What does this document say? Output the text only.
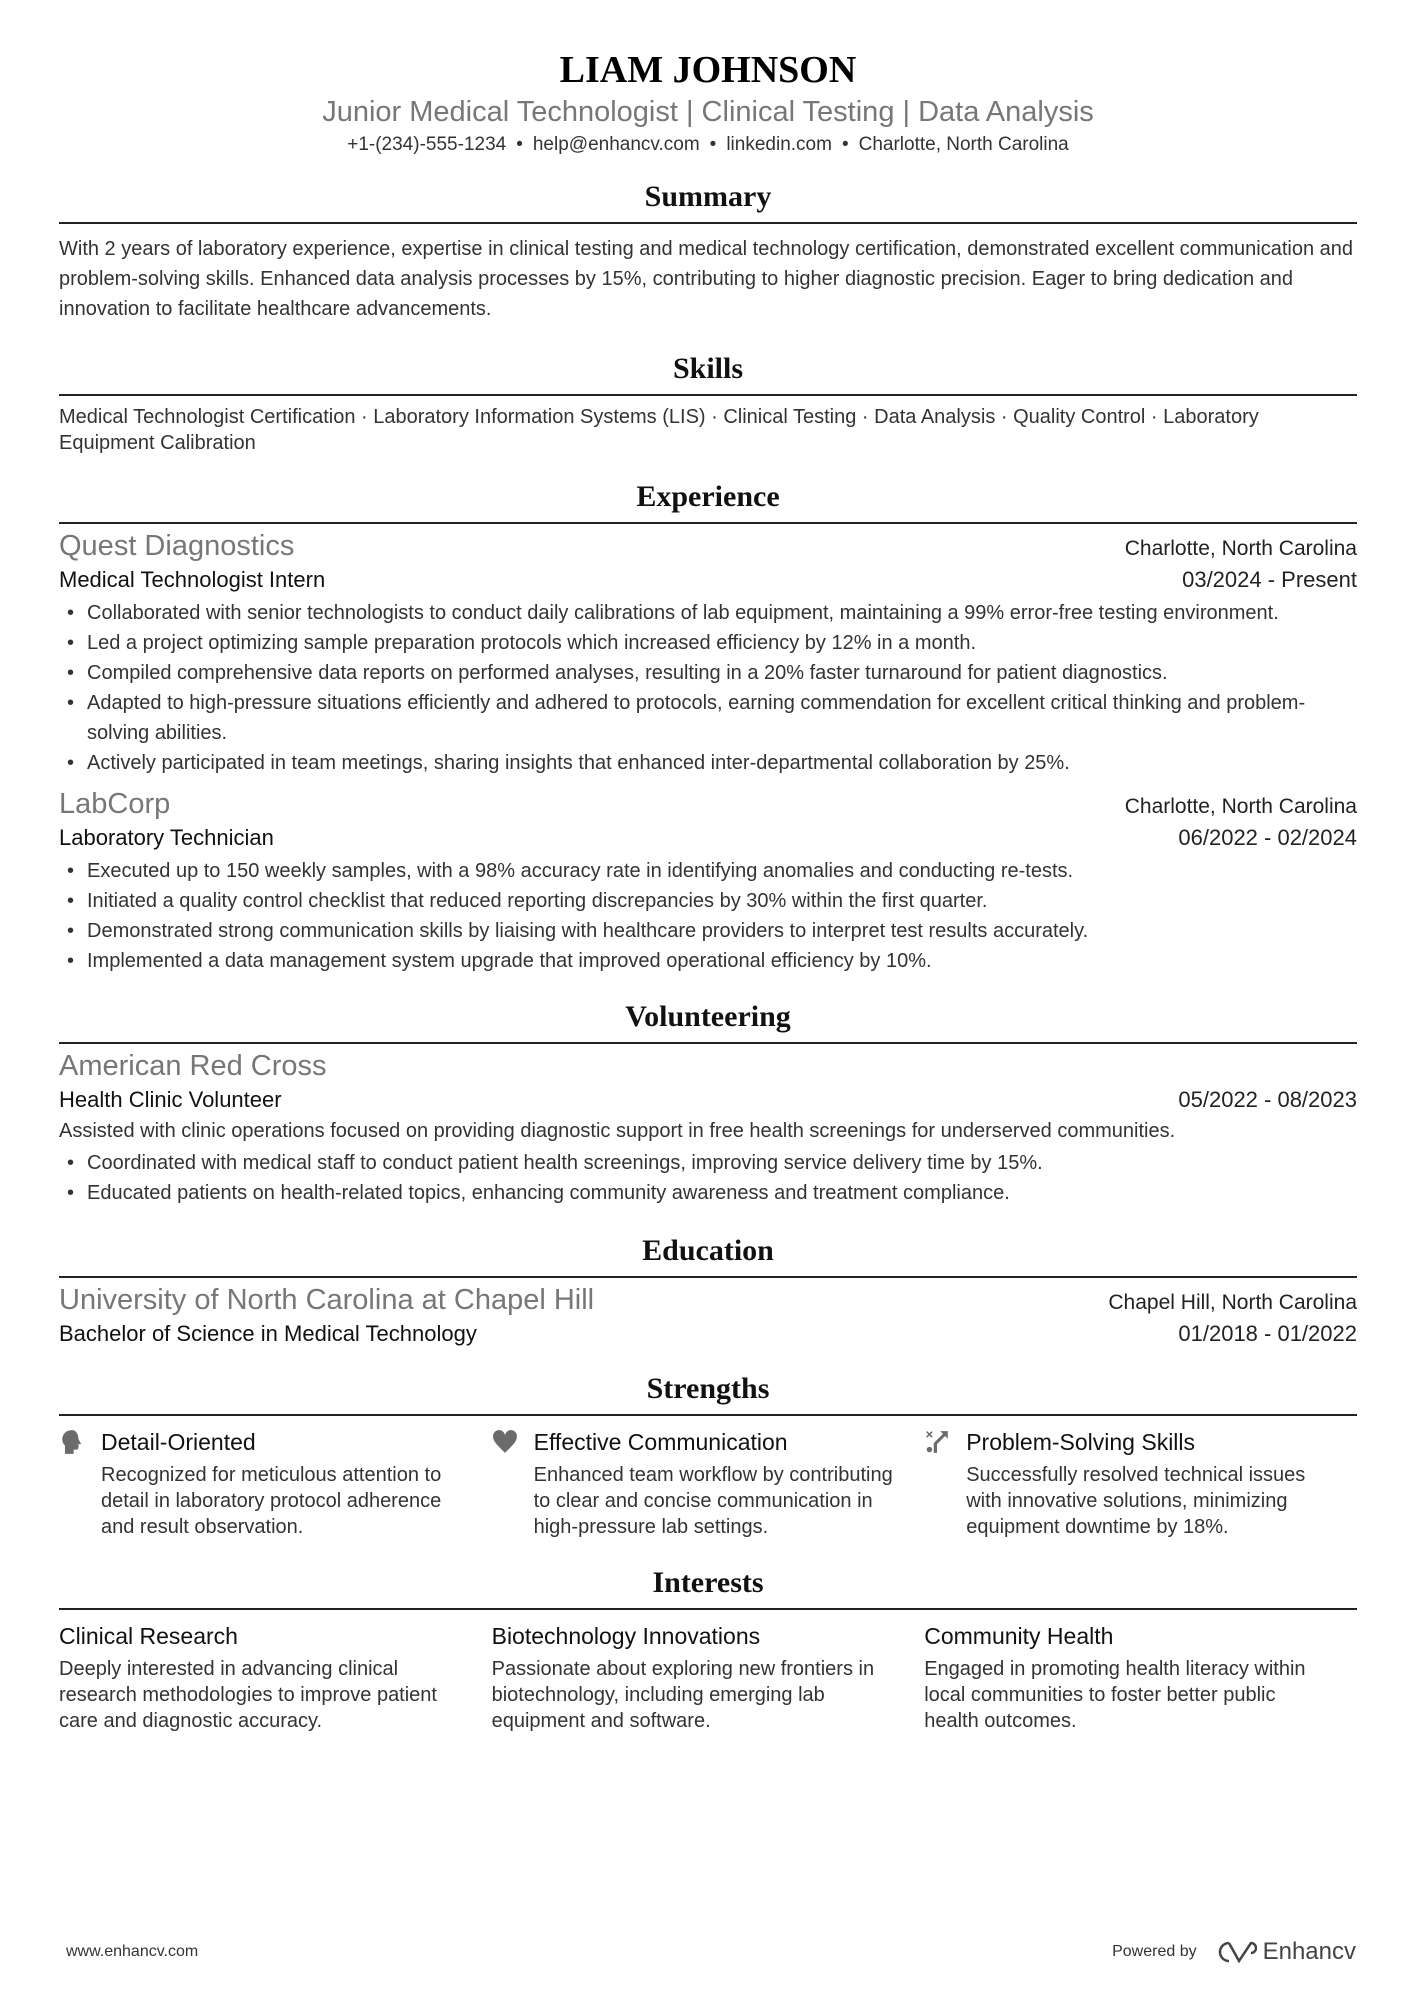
LIAM JOHNSON
Junior Medical Technologist | Clinical Testing | Data Analysis
+1-(234)-555-1234 • help@enhancv.com • linkedin.com • Charlotte, North Carolina
Summary
With 2 years of laboratory experience, expertise in clinical testing and medical technology certification, demonstrated excellent communication and problem-solving skills. Enhanced data analysis processes by 15%, contributing to higher diagnostic precision. Eager to bring dedication and innovation to facilitate healthcare advancements.
Skills
Medical Technologist Certification · Laboratory Information Systems (LIS) · Clinical Testing · Data Analysis · Quality Control · Laboratory Equipment Calibration
Experience
Quest Diagnostics	Charlotte, North Carolina
Medical Technologist Intern	03/2024 - Present
• Collaborated with senior technologists to conduct daily calibrations of lab equipment, maintaining a 99% error-free testing environment.
• Led a project optimizing sample preparation protocols which increased efficiency by 12% in a month.
• Compiled comprehensive data reports on performed analyses, resulting in a 20% faster turnaround for patient diagnostics.
• Adapted to high-pressure situations efficiently and adhered to protocols, earning commendation for excellent critical thinking and problem-solving abilities.
• Actively participated in team meetings, sharing insights that enhanced inter-departmental collaboration by 25%.
LabCorp	Charlotte, North Carolina
Laboratory Technician	06/2022 - 02/2024
• Executed up to 150 weekly samples, with a 98% accuracy rate in identifying anomalies and conducting re-tests.
• Initiated a quality control checklist that reduced reporting discrepancies by 30% within the first quarter.
• Demonstrated strong communication skills by liaising with healthcare providers to interpret test results accurately.
• Implemented a data management system upgrade that improved operational efficiency by 10%.
Volunteering
American Red Cross
Health Clinic Volunteer	05/2022 - 08/2023
Assisted with clinic operations focused on providing diagnostic support in free health screenings for underserved communities.
• Coordinated with medical staff to conduct patient health screenings, improving service delivery time by 15%.
• Educated patients on health-related topics, enhancing community awareness and treatment compliance.
Education
University of North Carolina at Chapel Hill	Chapel Hill, North Carolina
Bachelor of Science in Medical Technology	01/2018 - 01/2022
Strengths
Detail-Oriented
Recognized for meticulous attention to detail in laboratory protocol adherence and result observation.
Effective Communication
Enhanced team workflow by contributing to clear and concise communication in high-pressure lab settings.
Problem-Solving Skills
Successfully resolved technical issues with innovative solutions, minimizing equipment downtime by 18%.
Interests
Clinical Research
Deeply interested in advancing clinical research methodologies to improve patient care and diagnostic accuracy.
Biotechnology Innovations
Passionate about exploring new frontiers in biotechnology, including emerging lab equipment and software.
Community Health
Engaged in promoting health literacy within local communities to foster better public health outcomes.
www.enhancv.com	Powered by	Enhancv
